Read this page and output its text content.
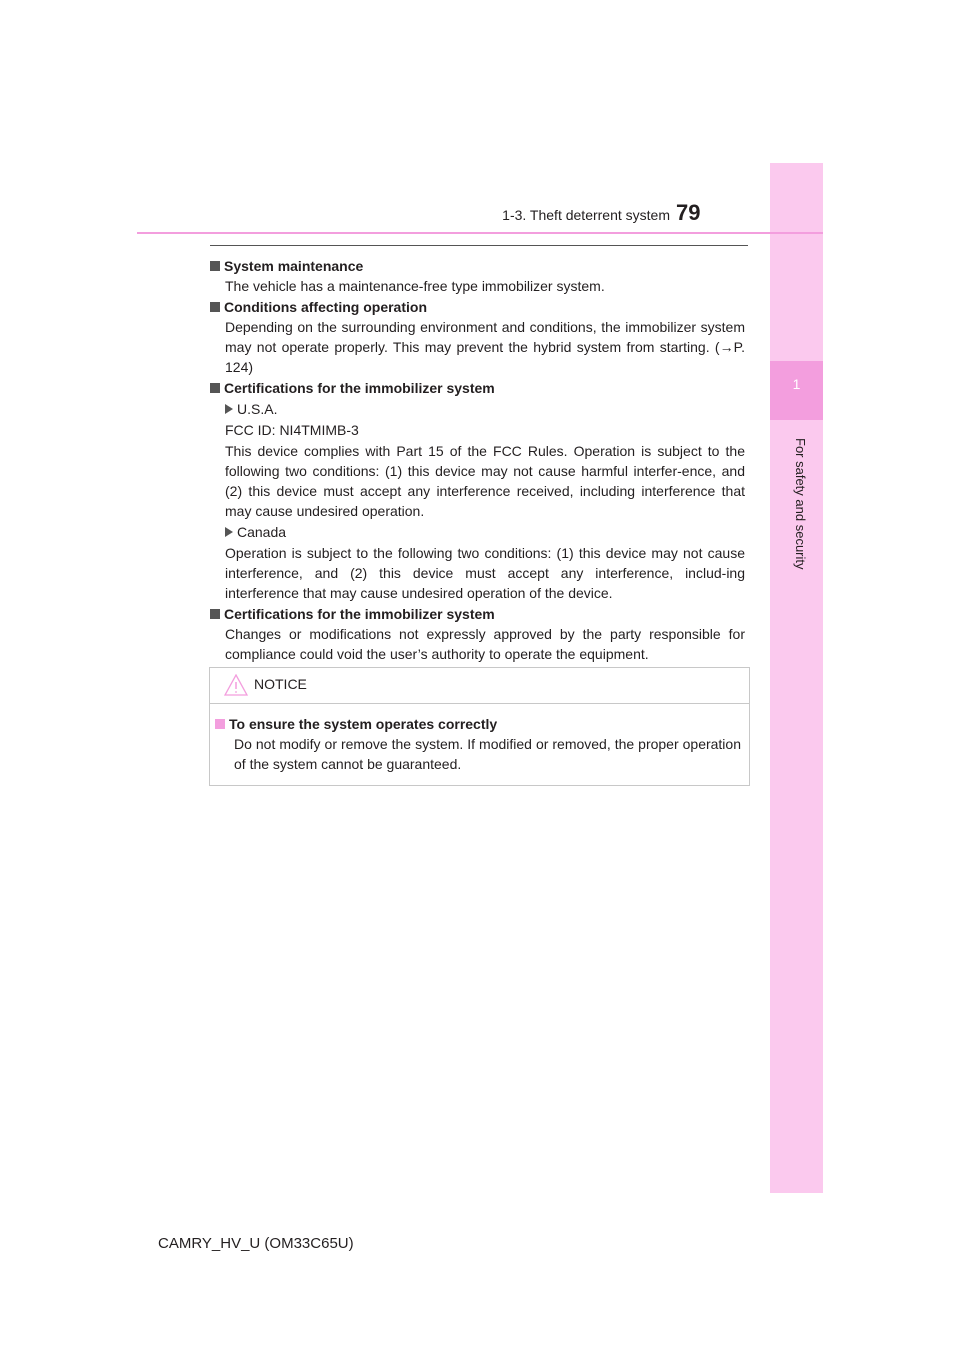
1
For safety and security
1-3. Theft deterrent system 79
System maintenance
The vehicle has a maintenance-free type immobilizer system.
Conditions affecting operation
Depending on the surrounding environment and conditions, the immobilizer system may not operate properly. This may prevent the hybrid system from starting. (→P. 124)
Certifications for the immobilizer system
U.S.A.
FCC ID: NI4TMIMB-3
This device complies with Part 15 of the FCC Rules. Operation is subject to the following two conditions: (1) this device may not cause harmful interfer-ence, and (2) this device must accept any interference received, including interference that may cause undesired operation.
Canada
Operation is subject to the following two conditions: (1) this device may not cause interference, and (2) this device must accept any interference, includ-ing interference that may cause undesired operation of the device.
Certifications for the immobilizer system
Changes or modifications not expressly approved by the party responsible for compliance could void the user’s authority to operate the equipment.
NOTICE
To ensure the system operates correctly
Do not modify or remove the system. If modified or removed, the proper operation of the system cannot be guaranteed.
CAMRY_HV_U (OM33C65U)
